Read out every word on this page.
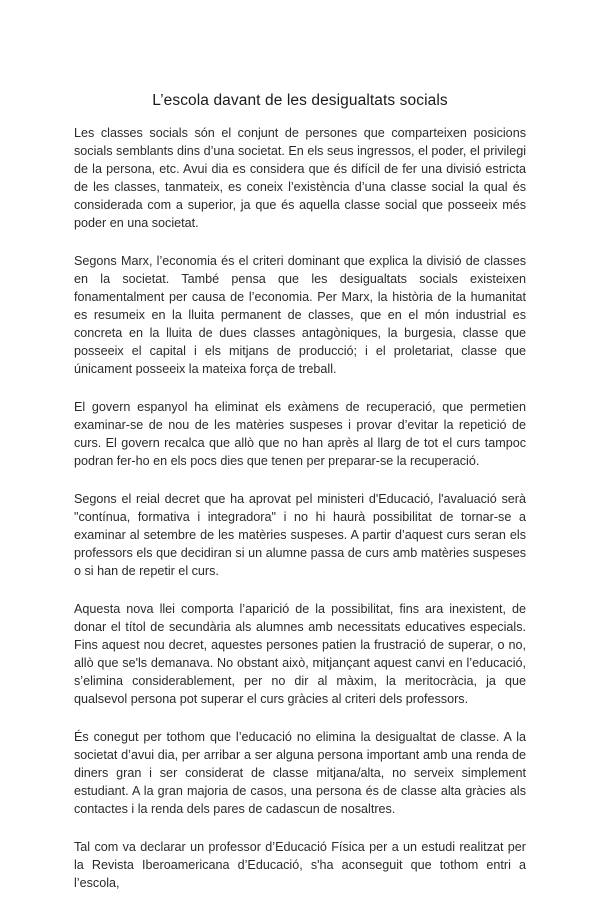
L’escola davant de les desigualtats socials

Les classes socials són el conjunt de persones que comparteixen posicions socials semblants dins d’una societat. En els seus ingressos, el poder, el privilegi de la persona, etc. Avui dia es considera que és difícil de fer una divisió estricta de les classes, tanmateix, es coneix l’existència d’una classe social la qual és considerada com a superior, ja que és aquella classe social que posseeix més poder en una societat.

Segons Marx, l’economia és el criteri dominant que explica la divisió de classes en la societat. També pensa que les desigualtats socials existeixen fonamentalment per causa de l’economia. Per Marx, la història de la humanitat es resumeix en la lluita permanent de classes, que en el món industrial es concreta en la lluita de dues classes antagòniques, la burgesia, classe que posseeix el capital i els mitjans de producció; i el proletariat, classe que únicament posseeix la mateixa força de treball.

El govern espanyol ha eliminat els exàmens de recuperació, que permetien examinar-se de nou de les matèries suspeses i provar d’evitar la repetició de curs. El govern recalca que allò que no han après al llarg de tot el curs tampoc podran fer-ho en els pocs dies que tenen per preparar-se la recuperació.

Segons el reial decret que ha aprovat pel ministeri d'Educació, l'avaluació serà "contínua, formativa i integradora" i no hi haurà possibilitat de tornar-se a examinar al setembre de les matèries suspeses. A partir d’aquest curs seran els professors els que decidiran si un alumne passa de curs amb matèries suspeses o si han de repetir el curs.

Aquesta nova llei comporta l’aparició de la possibilitat, fins ara inexistent, de donar el títol de secundària als alumnes amb necessitats educatives especials. Fins aquest nou decret, aquestes persones patien la frustració de superar, o no, allò que se'ls demanava. No obstant això, mitjançant aquest canvi en l’educació, s’elimina considerablement, per no dir al màxim, la meritocràcia, ja que qualsevol persona pot superar el curs gràcies al criteri dels professors.

És conegut per tothom que l’educació no elimina la desigualtat de classe. A la societat d’avui dia, per arribar a ser alguna persona important amb una renda de diners gran i ser considerat de classe mitjana/alta, no serveix simplement estudiant. A la gran majoria de casos, una persona és de classe alta gràcies als contactes i la renda dels pares de cadascun de nosaltres.

Tal com va declarar un professor d’Educació Física per a un estudi realitzat per la Revista Iberoamericana d’Educació, s'ha aconseguit que tothom entri a l’escola,
